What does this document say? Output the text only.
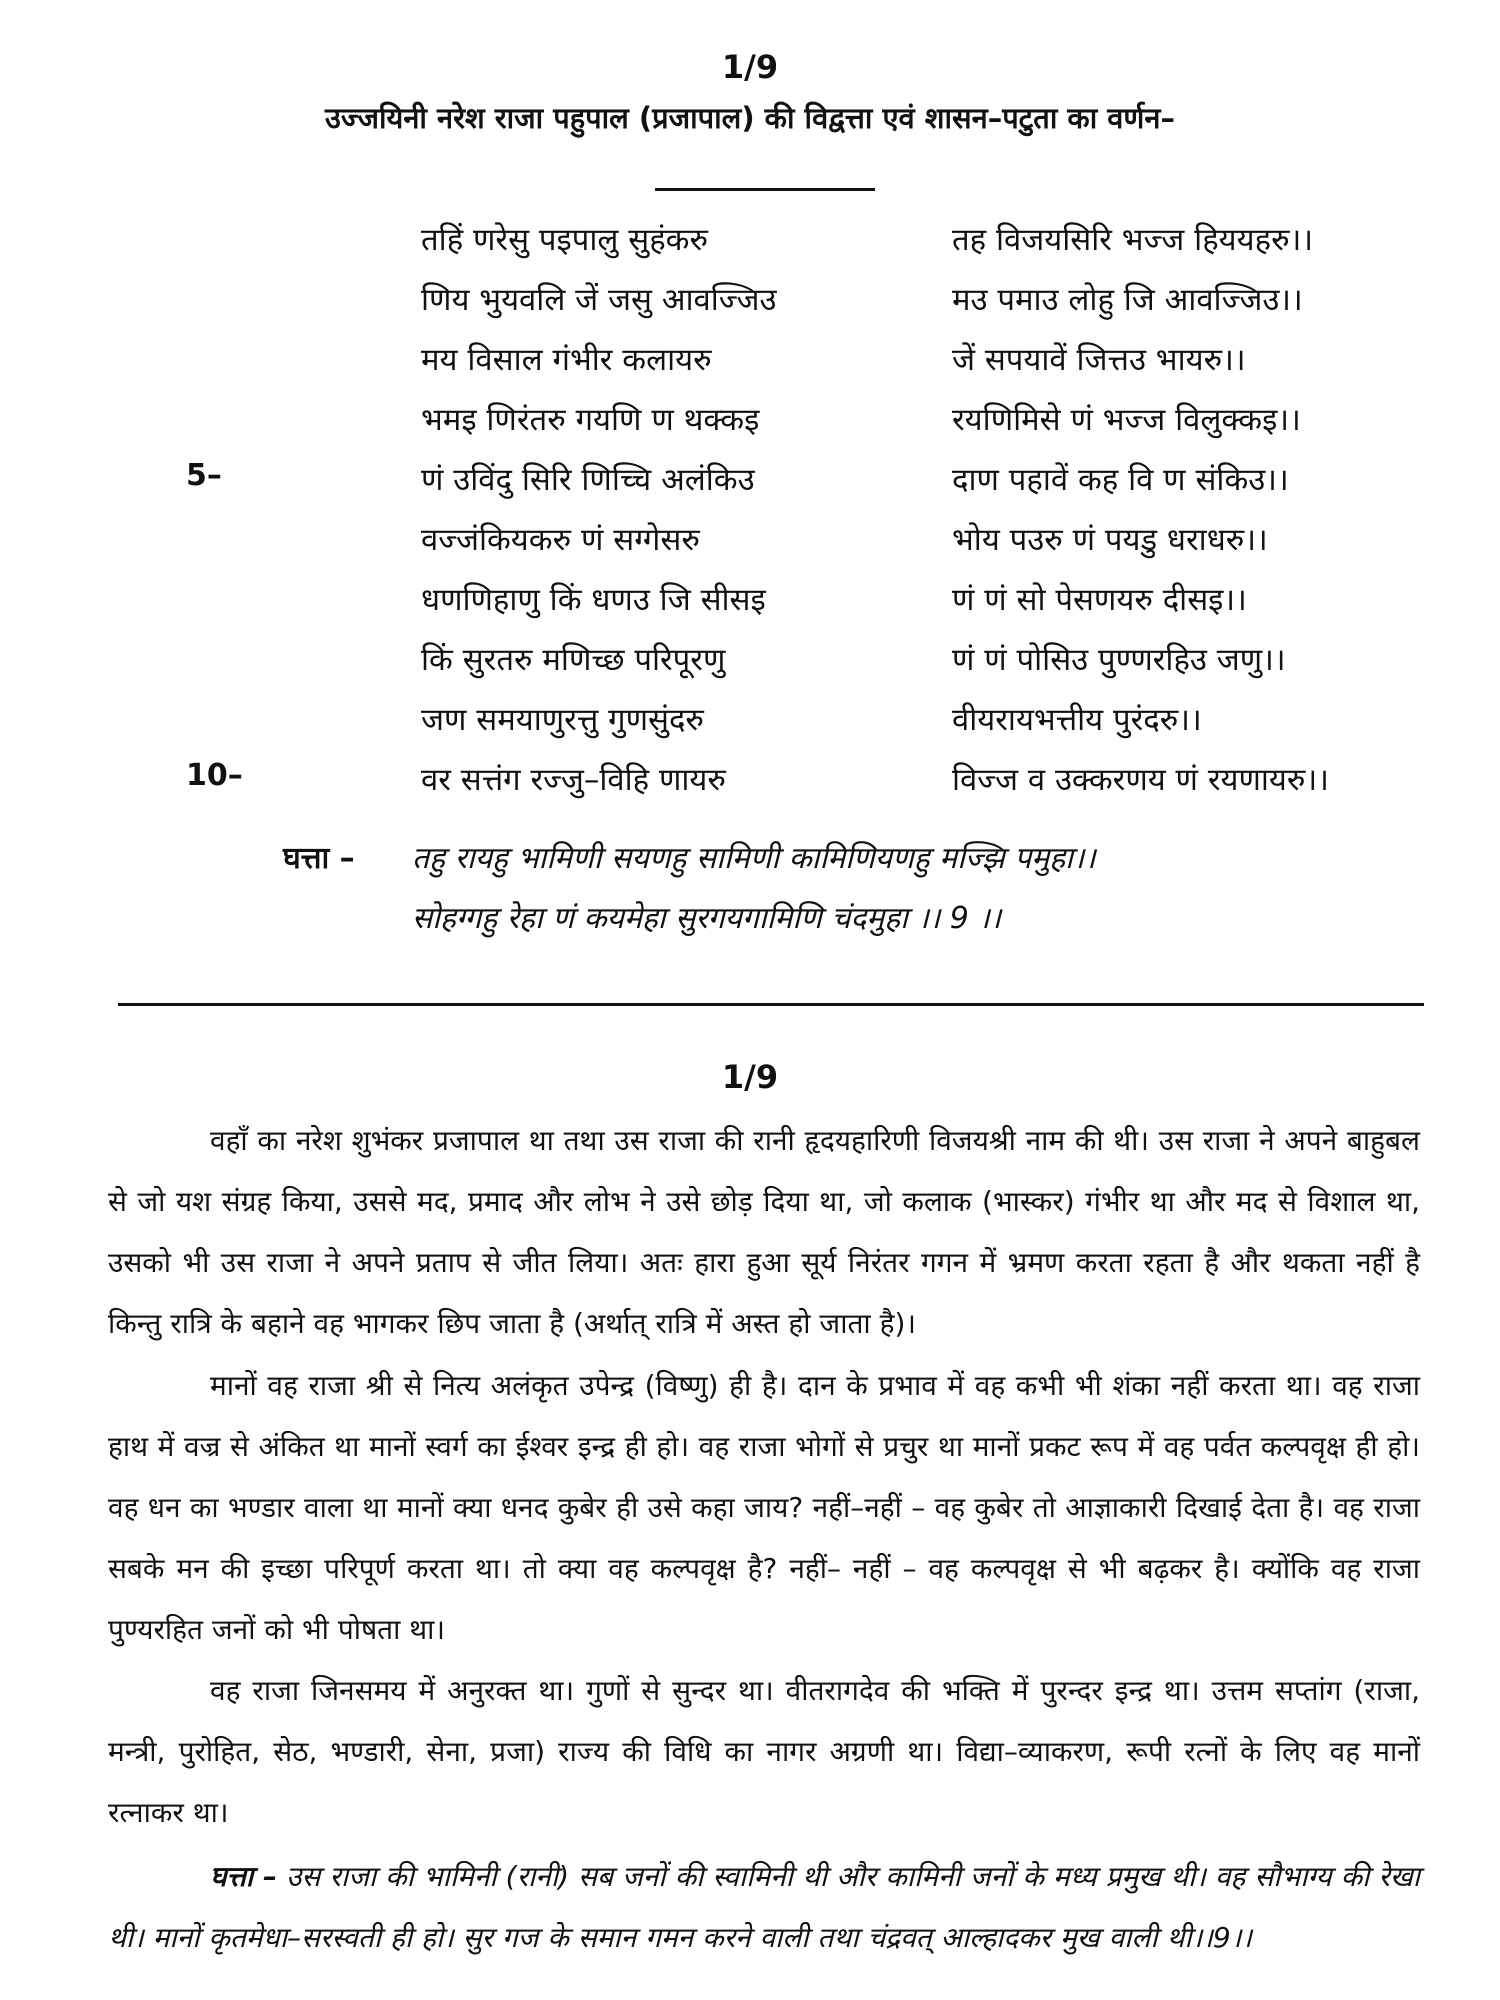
1/9
उज्जयिनी नरेश राजा पहुपाल (प्रजापाल) की विद्वत्ता एवं शासन–पटुता का वर्णन–
तहिं णरेसु पइपालु सुहंकरु	तह विजयसिरि भज्ज हिययहरु।।
णिय भुयवलि जें जसु आवज्जिउ	मउ पमाउ लोहु जि आवज्जिउ।।
मय विसाल गंभीर कलायरु	जें सपयावें जित्तउ भायरु।।
भमइ णिरंतरु गयणि ण थक्कइ	रयणिमिसे णं भज्ज विलुक्कइ।।
5–	णं उविंदु सिरि णिच्चि अलंकिउ	दाण पहावें कह वि ण संकिउ।।
वज्जंकियकरु णं सग्गेसरु	भोय पउरु णं पयडु धराधरु।।
धणणिहाणु किं धणउ जि सीसइ	णं णं सो पेसणयरु दीसइ।।
किं सुरतरु मणिच्छ परिपूरणु	णं णं पोसिउ पुण्णरहिउ जणु।।
जण समयाणुरत्तु गुणसुंदरु	वीयरायभत्तीय पुरंदरु।।
10–	वर सत्तंग रज्जु–विहि णायरु	विज्ज व उक्करणय णं रयणायरु।।
घत्ता – तहु रायहु भामिणी सयणहु सामिणी कामिणियणहु मज्झि पमुहा।।
सोहग्गहु रेहा णं कयमेहा सुरगयगामिणि चंदमुहा ।। 9 ।।
1/9
वहाँ का नरेश शुभंकर प्रजापाल था तथा उस राजा की रानी हृदयहारिणी विजयश्री नाम की थी। उस राजा ने अपने बाहुबल से जो यश संग्रह किया, उससे मद, प्रमाद और लोभ ने उसे छोड़ दिया था, जो कलाक (भास्कर) गंभीर था और मद से विशाल था, उसको भी उस राजा ने अपने प्रताप से जीत लिया। अतः हारा हुआ सूर्य निरंतर गगन में भ्रमण करता रहता है और थकता नहीं है किन्तु रात्रि के बहाने वह भागकर छिप जाता है (अर्थात् रात्रि में अस्त हो जाता है)।
मानों वह राजा श्री से नित्य अलंकृत उपेन्द्र (विष्णु) ही है। दान के प्रभाव में वह कभी भी शंका नहीं करता था। वह राजा हाथ में वज्र से अंकित था मानों स्वर्ग का ईश्वर इन्द्र ही हो। वह राजा भोगों से प्रचुर था मानों प्रकट रूप में वह पर्वत कल्पवृक्ष ही हो। वह धन का भण्डार वाला था मानों क्या धनद कुबेर ही उसे कहा जाय? नहीं–नहीं – वह कुबेर तो आज्ञाकारी दिखाई देता है। वह राजा सबके मन की इच्छा परिपूर्ण करता था। तो क्या वह कल्पवृक्ष है? नहीं– नहीं – वह कल्पवृक्ष से भी बढ़कर है। क्योंकि वह राजा पुण्यरहित जनों को भी पोषता था।
वह राजा जिनसमय में अनुरक्त था। गुणों से सुन्दर था। वीतरागदेव की भक्ति में पुरन्दर इन्द्र था। उत्तम सप्तांग (राजा, मन्त्री, पुरोहित, सेठ, भण्डारी, सेना, प्रजा) राज्य की विधि का नागर अग्रणी था। विद्या–व्याकरण, रूपी रत्नों के लिए वह मानों रत्नाकर था।
घत्ता – उस राजा की भामिनी (रानी) सब जनों की स्वामिनी थी और कामिनी जनों के मध्य प्रमुख थी। वह सौभाग्य की रेखा थी। मानों कृतमेधा–सरस्वती ही हो। सुर गज के समान गमन करने वाली तथा चंद्रवत् आल्हादकर मुख वाली थी।।9।।
